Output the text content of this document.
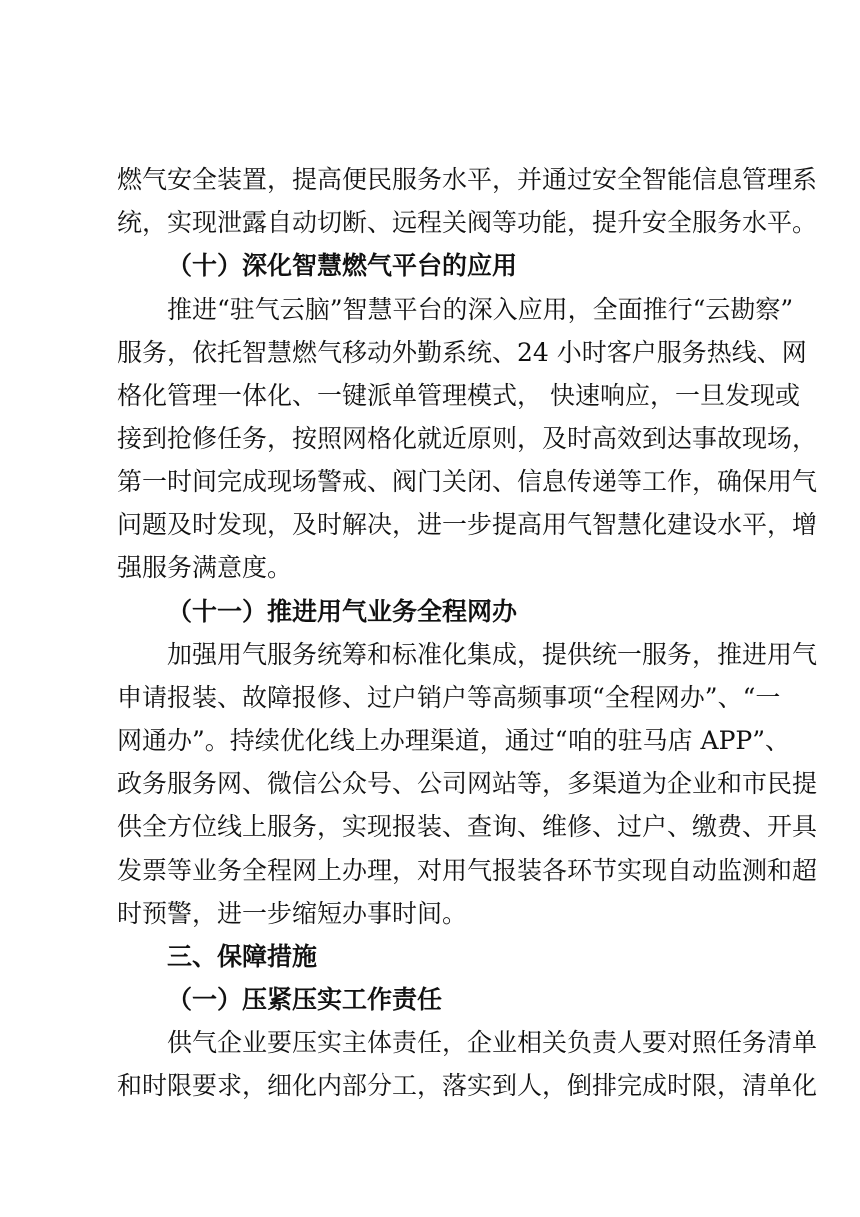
燃气安全装置，提高便民服务水平，并通过安全智能信息管理系
统，实现泄露自动切断、远程关阀等功能，提升安全服务水平。
（十）深化智慧燃气平台的应用
推进“驻气云脑”智慧平台的深入应用，全面推行“云勘察”
服务，依托智慧燃气移动外勤系统、24 小时客户服务热线、网
格化管理一体化、一键派单管理模式， 快速响应，一旦发现或
接到抢修任务，按照网格化就近原则，及时高效到达事故现场，
第一时间完成现场警戒、阀门关闭、信息传递等工作，确保用气
问题及时发现，及时解决，进一步提高用气智慧化建设水平，增
强服务满意度。
（十一）推进用气业务全程网办
加强用气服务统筹和标准化集成，提供统一服务，推进用气
申请报装、故障报修、过户销户等高频事项“全程网办”、“一
网通办”。持续优化线上办理渠道，通过“咱的驻马店 APP”、
政务服务网、微信公众号、公司网站等，多渠道为企业和市民提
供全方位线上服务，实现报装、查询、维修、过户、缴费、开具
发票等业务全程网上办理，对用气报装各环节实现自动监测和超
时预警，进一步缩短办事时间。
三、保障措施
（一）压紧压实工作责任
供气企业要压实主体责任，企业相关负责人要对照任务清单
和时限要求，细化内部分工，落实到人，倒排完成时限，清单化
